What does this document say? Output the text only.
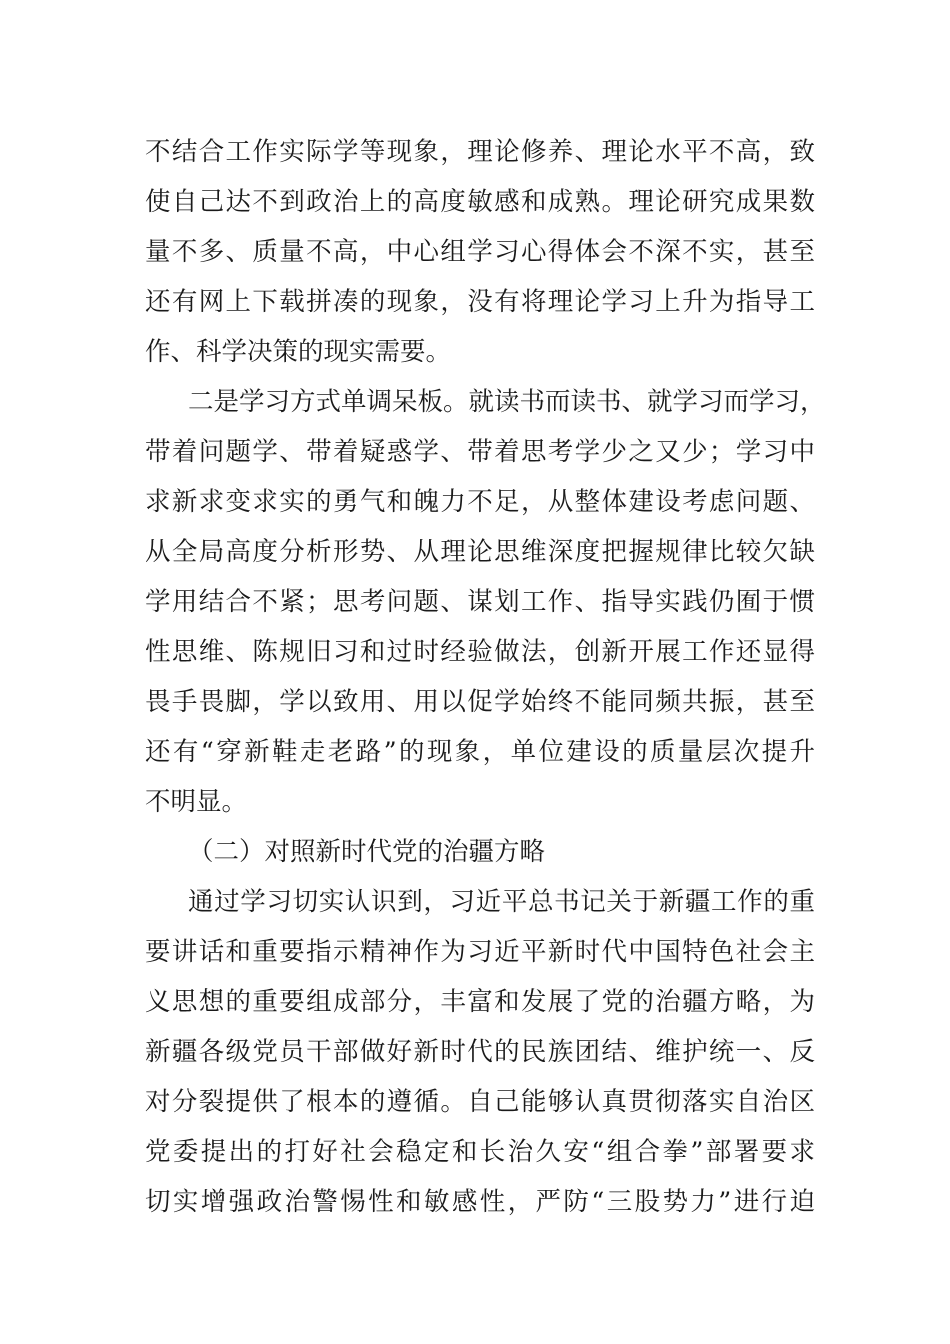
不结合工作实际学等现象，理论修养、理论水平不高，致
使自己达不到政治上的高度敏感和成熟。理论研究成果数
量不多、质量不高，中心组学习心得体会不深不实，甚至
还有网上下载拼凑的现象，没有将理论学习上升为指导工
作、科学决策的现实需要。
二是学习方式单调呆板。就读书而读书、就学习而学习，
带着问题学、带着疑惑学、带着思考学少之又少；学习中
求新求变求实的勇气和魄力不足，从整体建设考虑问题、
从全局高度分析形势、从理论思维深度把握规律比较欠缺
学用结合不紧；思考问题、谋划工作、指导实践仍囿于惯
性思维、陈规旧习和过时经验做法，创新开展工作还显得
畏手畏脚，学以致用、用以促学始终不能同频共振，甚至
还有“穿新鞋走老路”的现象，单位建设的质量层次提升
不明显。
（二）对照新时代党的治疆方略
通过学习切实认识到，习近平总书记关于新疆工作的重
要讲话和重要指示精神作为习近平新时代中国特色社会主
义思想的重要组成部分，丰富和发展了党的治疆方略，为
新疆各级党员干部做好新时代的民族团结、维护统一、反
对分裂提供了根本的遵循。自己能够认真贯彻落实自治区
党委提出的打好社会稳定和长治久安“组合拳”部署要求
切实增强政治警惕性和敏感性，严防“三股势力”进行迫
